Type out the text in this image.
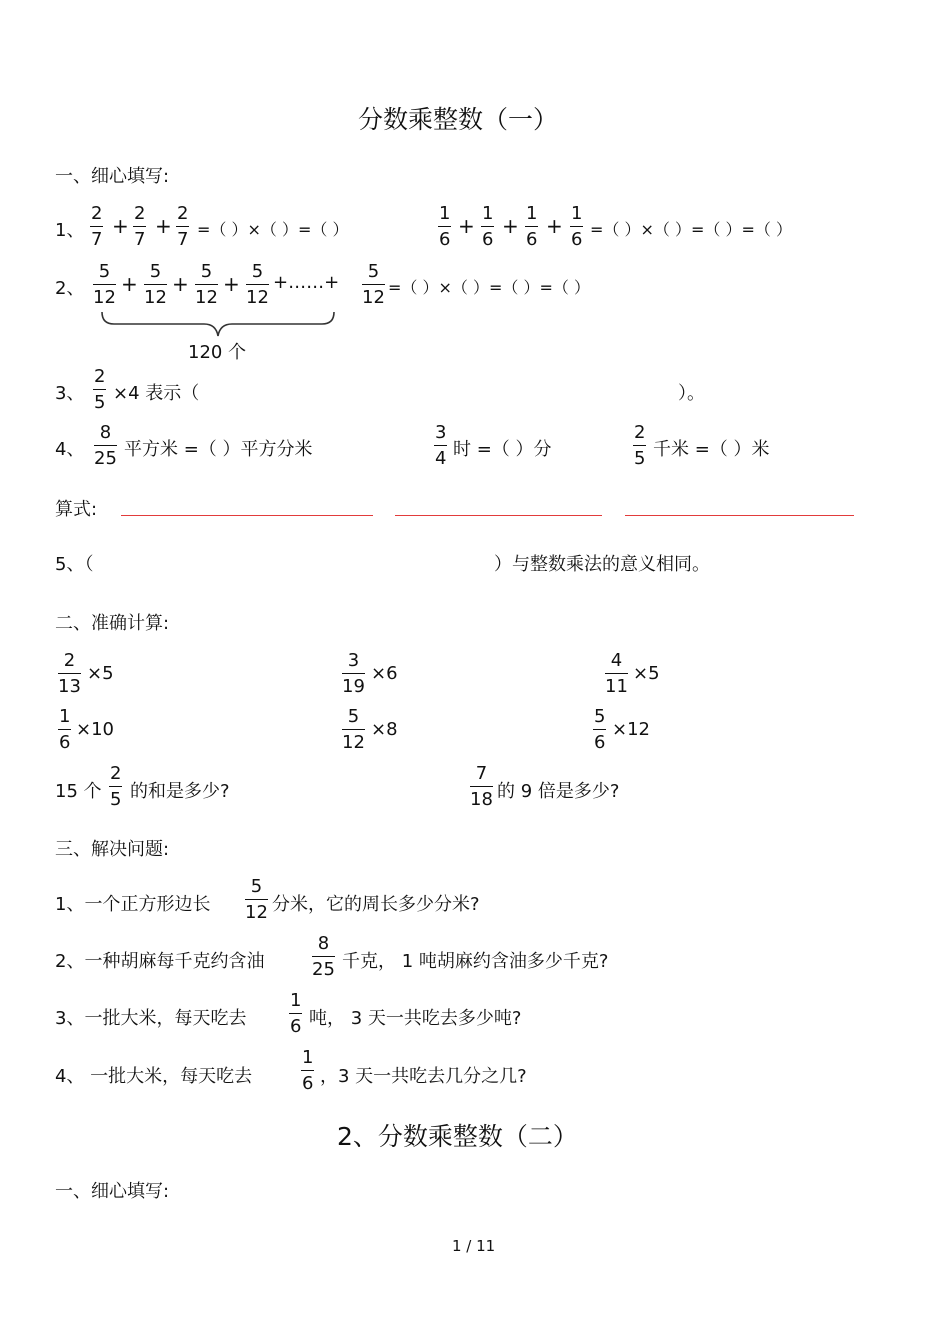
分数乘整数（一）
一、细心填写:
1、 $\frac{2}{7} + \frac{2}{7} + \frac{2}{7}$ =（ ）×（ ）=（ ）	$\frac{1}{6} + \frac{1}{6} + \frac{1}{6} + \frac{1}{6}$ =（ ）×（ ）=（ ）=（ ）
2、 $\frac{5}{12} + \frac{5}{12} + \frac{5}{12} + \frac{5}{12}$ +……+ $\frac{5}{12}$ =（ ）×（ ）=（ ）=（ ）
120 个
3、 $\frac{2}{5} \times 4$ 表示（	）。
4、 $\frac{8}{25}$ 平方米 =（ ）平方分米	$\frac{3}{4}$ 时 =（ ）分	$\frac{2}{5}$ 千米 =（ ）米
算式:
5、（	）与整数乘法的意义相同。
二、准确计算:
$\frac{2}{13} \times 5$	$\frac{3}{19} \times 6$	$\frac{4}{11} \times 5$
$\frac{1}{6} \times 10$	$\frac{5}{12} \times 8$	$\frac{5}{6} \times 12$
15 个 $\frac{2}{5}$ 的和是多少?	$\frac{7}{18}$ 的 9 倍是多少?
三、解决问题:
1、一个正方形边长 $\frac{5}{12}$ 分米，它的周长多少分米?
2、一种胡麻每千克约含油	$\frac{8}{25}$ 千克， 1 吨胡麻约含油多少千克?
3、一批大米，每天吃去 $\frac{1}{6}$ 吨， 3 天一共吃去多少吨?
4、 一批大米，每天吃去	$\frac{1}{6}$ ，3 天一共吃去几分之几?
2、分数乘整数（二）
一、细心填写:
1 / 11
